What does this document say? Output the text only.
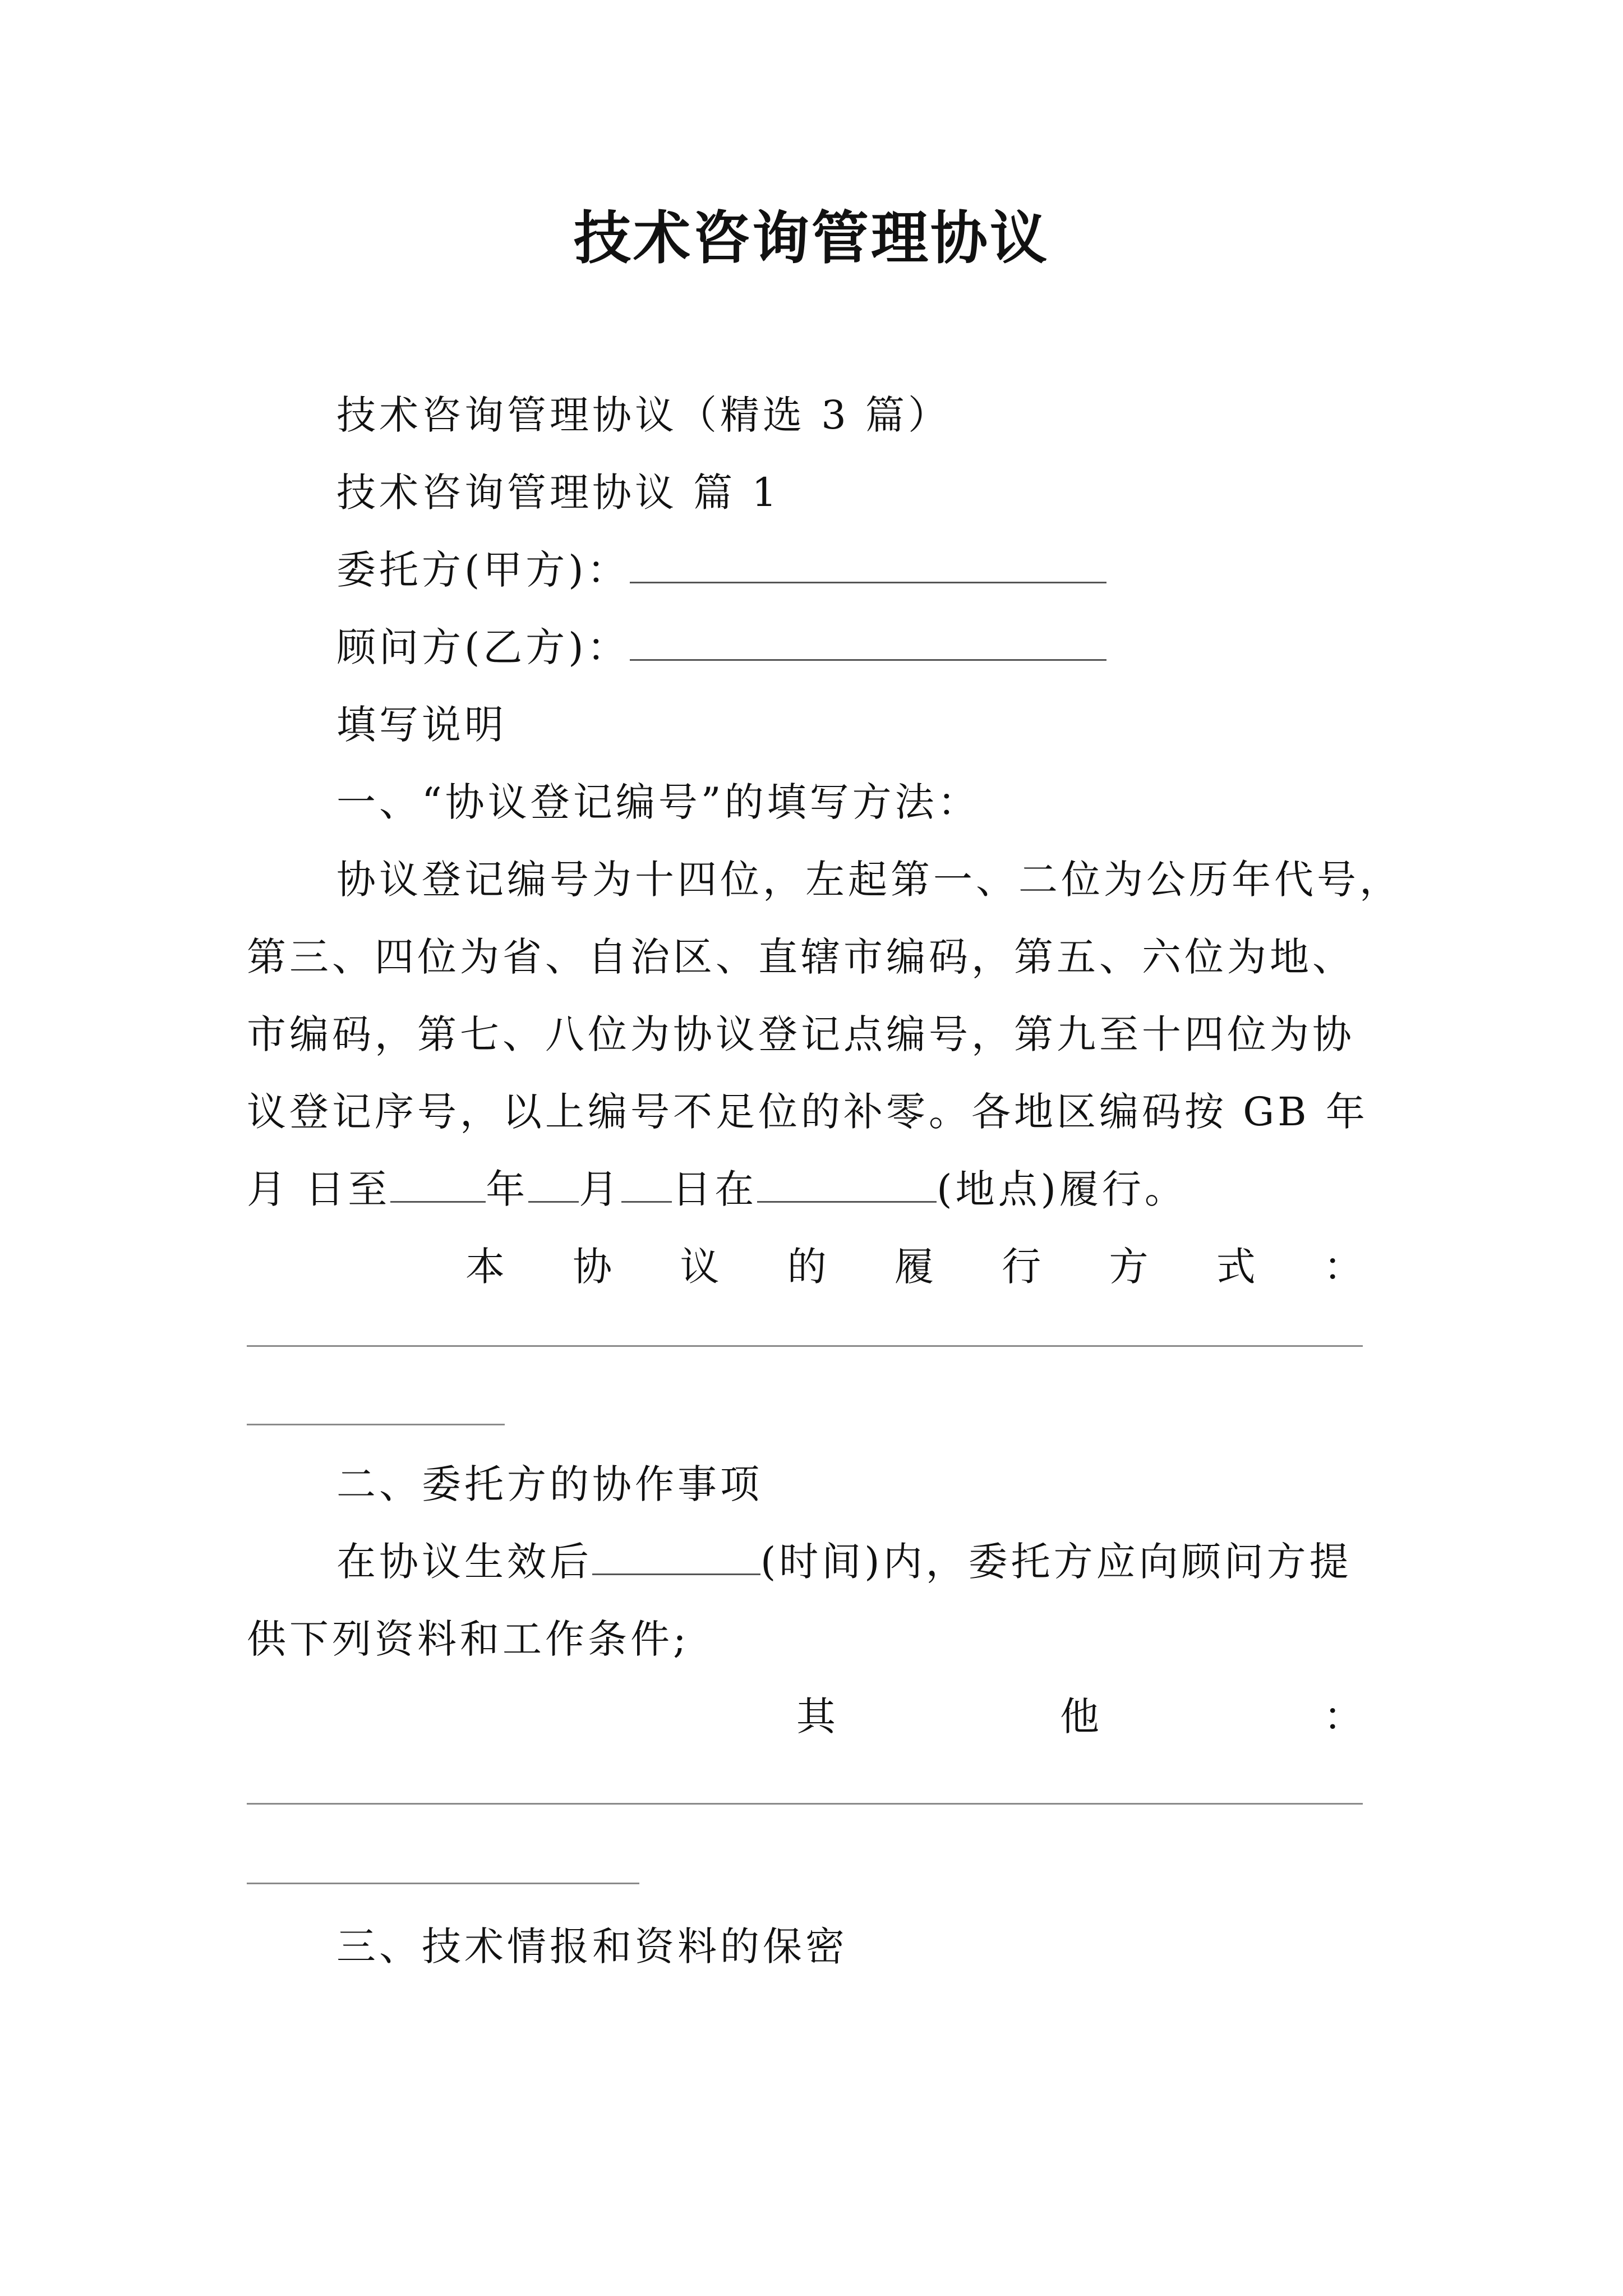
技术咨询管理协议
技术咨询管理协议（精选 3 篇）
技术咨询管理协议 篇 1
委托方(甲方)：
顾问方(乙方)：
填写说明
一、“协议登记编号”的填写方法：
协议登记编号为十四位，左起第一、二位为公历年代号，
第三、四位为省、自治区、直辖市编码，第五、六位为地、
市编码，第七、八位为协议登记点编号，第九至十四位为协
议登记序号，以上编号不足位的补零。各地区编码按 GB 年
月 日至 年 月 日在	(地点)履行。
本 协 议 的 履 行 方 式 ：
二、委托方的协作事项
在协议生效后	(时间)内，委托方应向顾问方提
供下列资料和工作条件;
其	他	：
三、技术情报和资料的保密
